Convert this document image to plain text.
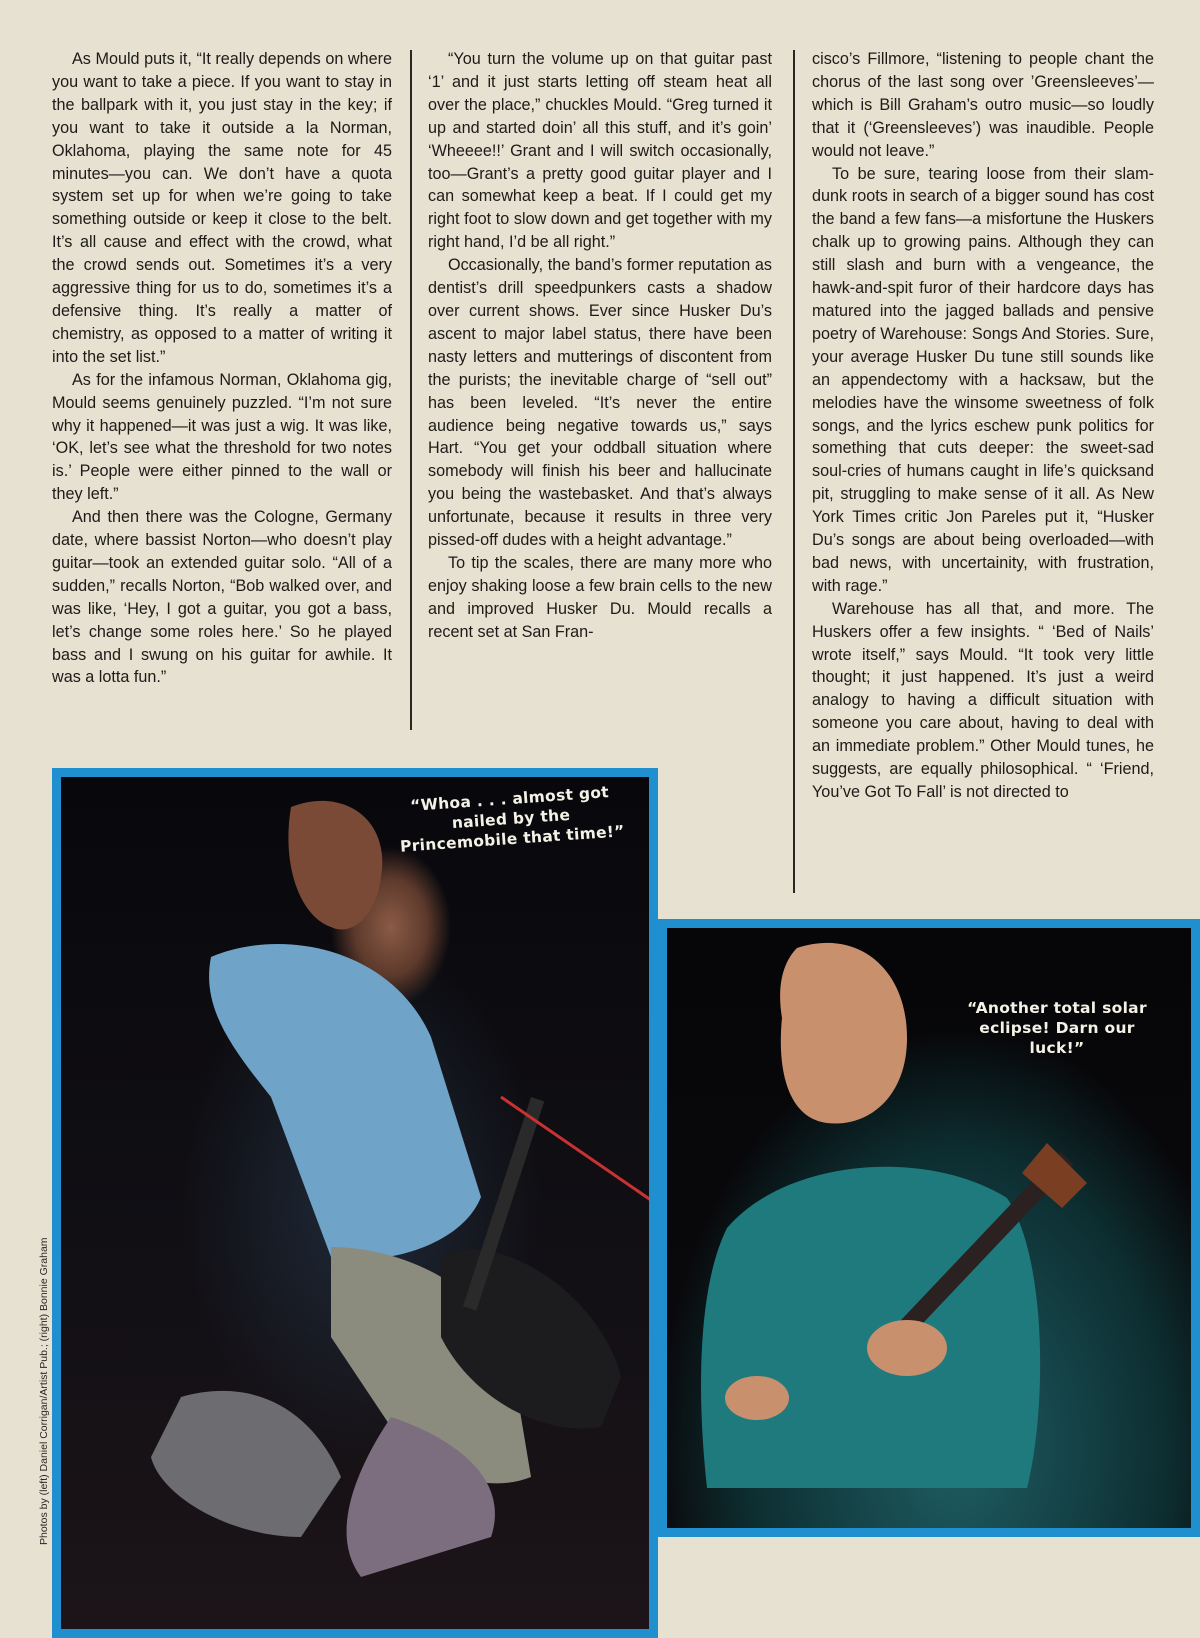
As Mould puts it, “It really depends on where you want to take a piece. If you want to stay in the ballpark with it, you just stay in the key; if you want to take it outside a la Norman, Oklahoma, playing the same note for 45 minutes—you can. We don’t have a quota system set up for when we’re going to take something outside or keep it close to the belt. It’s all cause and effect with the crowd, what the crowd sends out. Sometimes it’s a very aggressive thing for us to do, sometimes it’s a defensive thing. It’s really a matter of chemistry, as opposed to a matter of writing it into the set list.”

As for the infamous Norman, Oklahoma gig, Mould seems genuinely puzzled. “I’m not sure why it happened—it was just a wig. It was like, ‘OK, let’s see what the threshold for two notes is.’ People were either pinned to the wall or they left.”

And then there was the Cologne, Germany date, where bassist Norton—who doesn’t play guitar—took an extended guitar solo. “All of a sudden,” recalls Norton, “Bob walked over, and was like, ‘Hey, I got a guitar, you got a bass, let’s change some roles here.’ So he played bass and I swung on his guitar for awhile. It was a lotta fun.”

“You turn the volume up on that guitar past ‘1’ and it just starts letting off steam heat all over the place,” chuckles Mould. “Greg turned it up and started doin’ all this stuff, and it’s goin’ ‘Wheeee!!’ Grant and I will switch occasionally, too—Grant’s a pretty good guitar player and I can somewhat keep a beat. If I could get my right foot to slow down and get together with my right hand, I’d be all right.”

Occasionally, the band’s former reputation as dentist’s drill speedpunkers casts a shadow over current shows. Ever since Husker Du’s ascent to major label status, there have been nasty letters and mutterings of discontent from the purists; the inevitable charge of “sell out” has been leveled. “It’s never the entire audience being negative towards us,” says Hart. “You get your oddball situation where somebody will finish his beer and hallucinate you being the wastebasket. And that’s always unfortunate, because it results in three very pissed-off dudes with a height advantage.”

To tip the scales, there are many more who enjoy shaking loose a few brain cells to the new and improved Husker Du. Mould recalls a recent set at San Fran-

cisco’s Fillmore, “listening to people chant the chorus of the last song over ’Greensleeves’—which is Bill Graham’s outro music—so loudly that it (‘Greensleeves’) was inaudible. People would not leave.”

To be sure, tearing loose from their slam-dunk roots in search of a bigger sound has cost the band a few fans—a misfortune the Huskers chalk up to growing pains. Although they can still slash and burn with a vengeance, the hawk-and-spit furor of their hardcore days has matured into the jagged ballads and pensive poetry of Warehouse: Songs And Stories. Sure, your average Husker Du tune still sounds like an appendectomy with a hacksaw, but the melodies have the winsome sweetness of folk songs, and the lyrics eschew punk politics for something that cuts deeper: the sweet-sad soul-cries of humans caught in life’s quicksand pit, struggling to make sense of it all. As New York Times critic Jon Pareles put it, “Husker Du’s songs are about being overloaded—with bad news, with uncertainity, with frustration, with rage.”

Warehouse has all that, and more. The Huskers offer a few insights. “ ‘Bed of Nails’ wrote itself,” says Mould. “It took very little thought; it just happened. It’s just a weird analogy to having a difficult situation with someone you care about, having to deal with an immediate problem.” Other Mould tunes, he suggests, are equally philosophical. “ ‘Friend, You’ve Got To Fall’ is not directed to

“Whoa . . . almost got nailed by the Princemobile that time!”
“Another total solar eclipse! Darn our luck!”
Photos by (left) Daniel Corrigan/Artist Pub.; (right) Bonnie Graham
